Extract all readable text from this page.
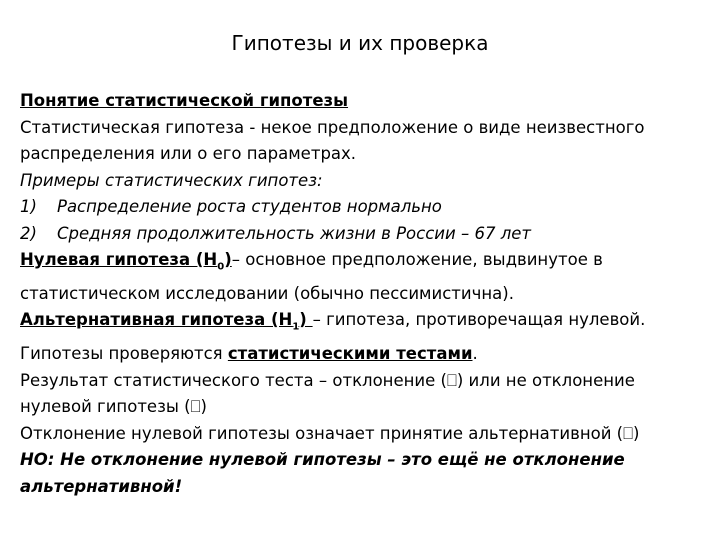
Гипотезы и их проверка

Понятие статистической гипотезы

Статистическая гипотеза - некое предположение о виде неизвестного распределения или о его параметрах.

Примеры статистических гипотез:

1) Распределение роста студентов нормально

2) Средняя продолжительность жизни в России – 67 лет

Нулевая гипотеза $(H_0)-$ основное предположение, выдвинутое в статистическом исследовании (обычно пессимистична).

Альтернативная гипотеза $(H_1)$ – гипотеза, противоречащая нулевой.

Гипотезы проверяются статистическими тестами.

Результат статистического теста – отклонение (⎕) или не отклонение нулевой гипотезы (⎕)

Отклонение нулевой гипотезы означает принятие альтернативной (⎕)

НО: Не отклонение нулевой гипотезы – это ещё не отклонение альтернативной!
